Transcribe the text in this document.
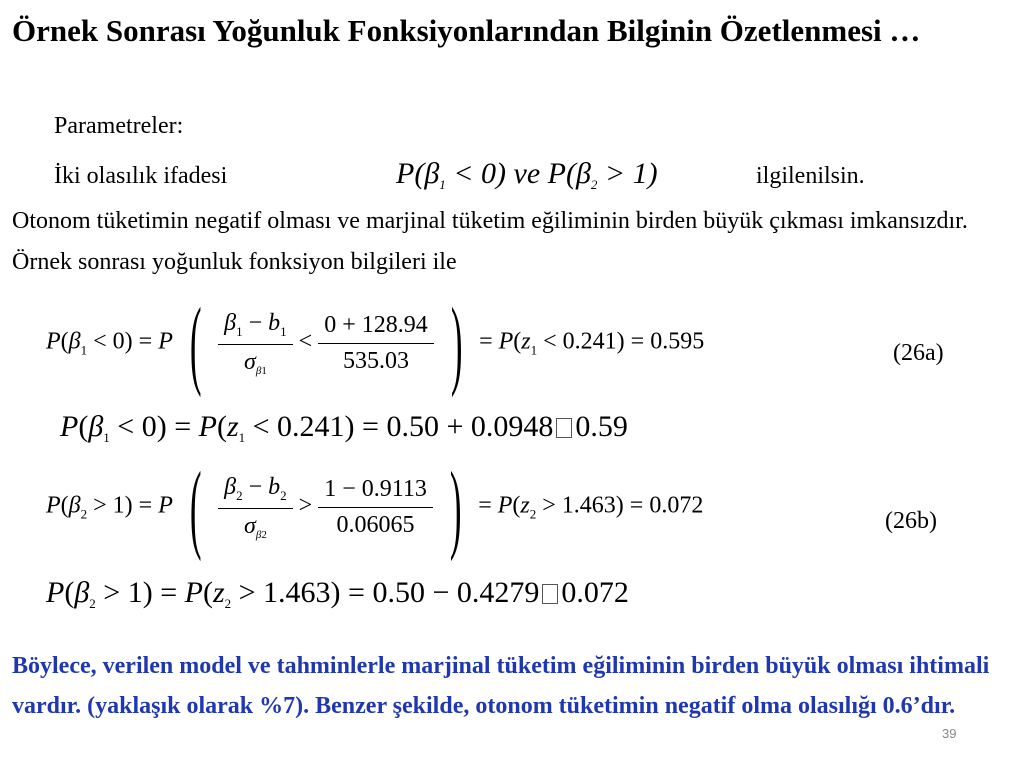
Örnek Sonrası Yoğunluk Fonksiyonlarından Bilginin Özetlenmesi …
Parametreler:
İki olasılık ifadesi	$P(\beta_1 < 0)$ ve $P(\beta_2 > 1)$	ilgilenilsin.
Otonom tüketimin negatif olması ve marjinal tüketim eğiliminin birden büyük çıkması imkansızdır. Örnek sonrası yoğunluk fonksiyon bilgileri ile
$P(\beta_1 < 0) = P$ ( $\frac{\beta_1 - b_1}{\sigma_{\beta 1}} < \frac{0 + 128.94}{535.03}$ ) = $P(z_1 < 0.241) = 0.595$	(26a)
$P(\beta_1 < 0) = P(z_1 < 0.241) = 0.50 + 0.0948$ 0.59
$P(\beta_2 > 1) = P$ ( $\frac{\beta_2 - b_2}{\sigma_{\beta 2}} > \frac{1 - 0.9113}{0.06065}$ ) = $P(z_2 > 1.463) = 0.072$
(26b)
$P(\beta_2 > 1) = P(z_2 > 1.463) = 0.50 - 0.4279$ 0.072
Böylece, verilen model ve tahminlerle marjinal tüketim eğiliminin birden büyük olması ihtimali vardır. (yaklaşık olarak %7). Benzer şekilde, otonom tüketimin negatif olma olasılığı 0.6’dır.
39
